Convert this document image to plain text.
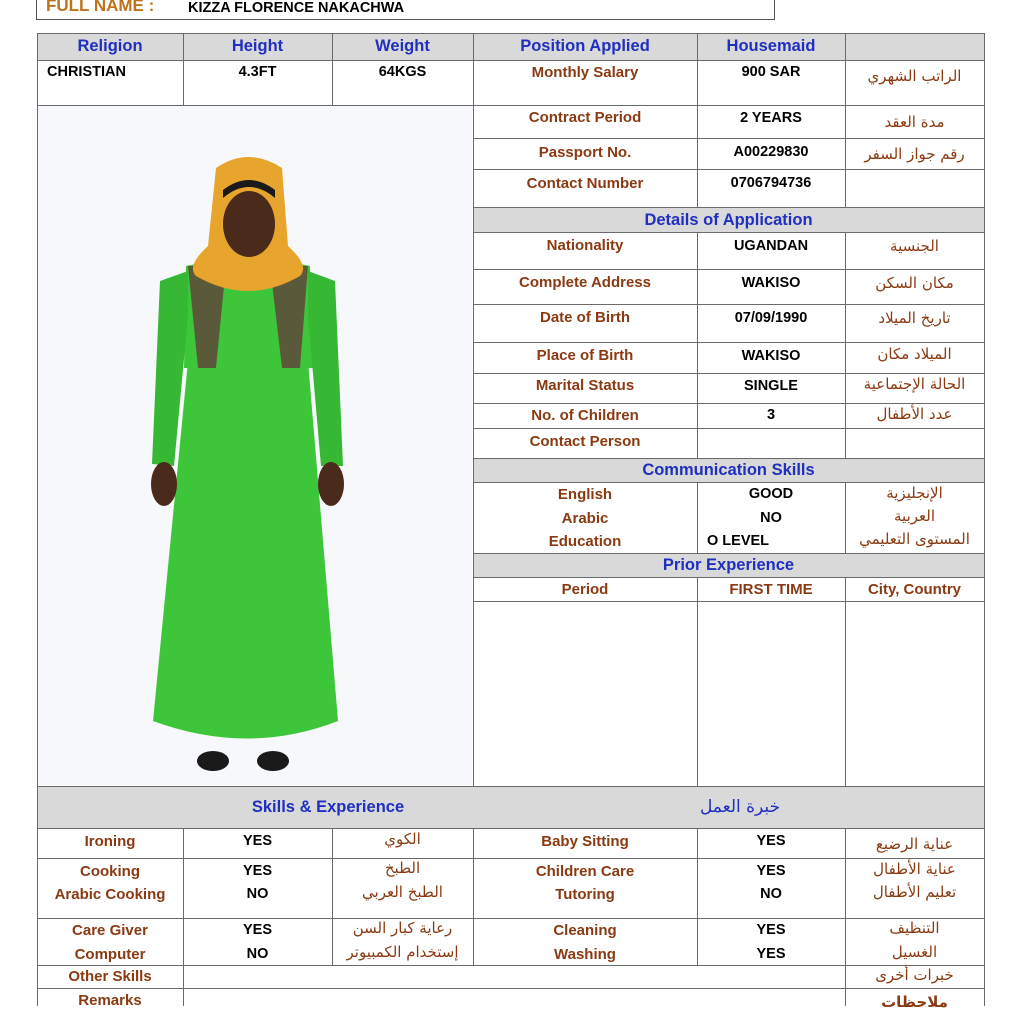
FULL NAME : KIZZA FLORENCE NAKACHWA
Religion	Height	Weight	Position Applied	Housemaid
CHRISTIAN	4.3FT	64KGS	Monthly Salary	900 SAR	الراتب الشهري
Contract Period	2 YEARS	مدة العقد
Passport No.	A00229830	رقم جواز السفر
Contact Number	0706794736
Details of Application
Nationality	UGANDAN	الجنسية
Complete Address	WAKISO	مكان السكن
Date of Birth	07/09/1990	تاريخ الميلاد
Place of Birth	WAKISO	الميلاد مكان
Marital Status	SINGLE	الحالة الإجتماعية
No. of Children	3	عدد الأطفال
Contact Person
Communication Skills
English	GOOD	الإنجليزية
Arabic	NO	العربية
Education	O LEVEL	المستوى التعليمي
Prior Experience
Period	FIRST TIME	City, Country
Skills & Experience	خبرة العمل
Ironing	YES	الكوي	Baby Sitting	YES	عناية الرضيع
Cooking	YES	الطبخ	Children Care	YES	عناية الأطفال
Arabic Cooking	NO	الطبخ العربي	Tutoring	NO	تعليم الأطفال
Care Giver	YES	رعاية كبار السن	Cleaning	YES	التنظيف
Computer	NO	إستخدام الكمبيوتر	Washing	YES	الغسيل
Other Skills	خبرات أخرى
Remarks	ملاحظات
